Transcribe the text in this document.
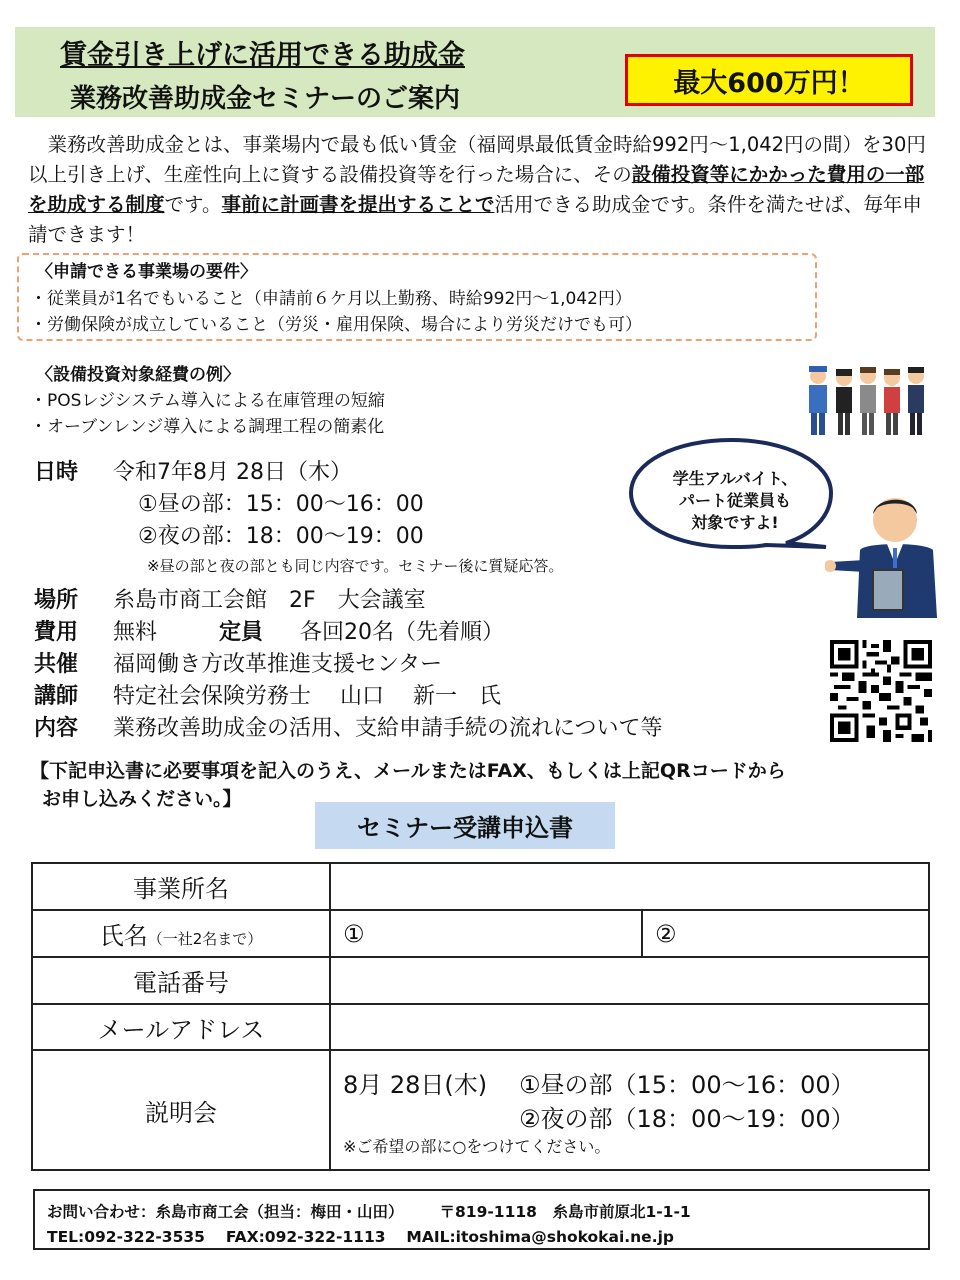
賃金引き上げに活用できる助成金
業務改善助成金セミナーのご案内
最大600万円！

業務改善助成金とは、事業場内で最も低い賃金（福岡県最低賃金時給992円～1,042円の間）を30円以上引き上げ、生産性向上に資する設備投資等を行った場合に、その設備投資等にかかった費用の一部を助成する制度です。事前に計画書を提出することで活用できる助成金です。条件を満たせば、毎年申請できます！

〈申請できる事業場の要件〉
・従業員が1名でもいること（申請前６ケ月以上勤務、時給992円～1,042円）
・労働保険が成立していること（労災・雇用保険、場合により労災だけでも可）
〈設備投資対象経費の例〉
・POSレジシステム導入による在庫管理の短縮
・オーブンレンジ導入による調理工程の簡素化
日時 令和7年8月 28日（木）
①昼の部：15：00～16：00
②夜の部：18：00～19：00
※昼の部と夜の部とも同じ内容です。セミナー後に質疑応答。
場所 糸島市商工会館　2F　大会議室
費用 無料	定員 各回20名（先着順）
共催 福岡働き方改革推進支援センター
講師 特定社会保険労務士　 山口　 新一　氏
内容 業務改善助成金の活用、支給申請手続の流れについて等
学生アルバイト、
パート従業員も
対象ですよ!
【下記申込書に必要事項を記入のうえ、メールまたはFAX、もしくは上記QRコードから
お申し込みください。】
セミナー受講申込書
事業所名		
氏名（一社2名まで）	①	②
電話番号		
メールアドレス		
説明会	8月 28日(木) ①昼の部（15：00～16：00）
②夜の部（18：00～19：00）
※ご希望の部に○をつけてください。	
お問い合わせ：糸島市商工会（担当：梅田・山田） 〒819-1118　糸島市前原北1-1-1
TEL:092-322-3535　 FAX:092-322-1113　 MAIL:itoshima@shokokai.ne.jp
